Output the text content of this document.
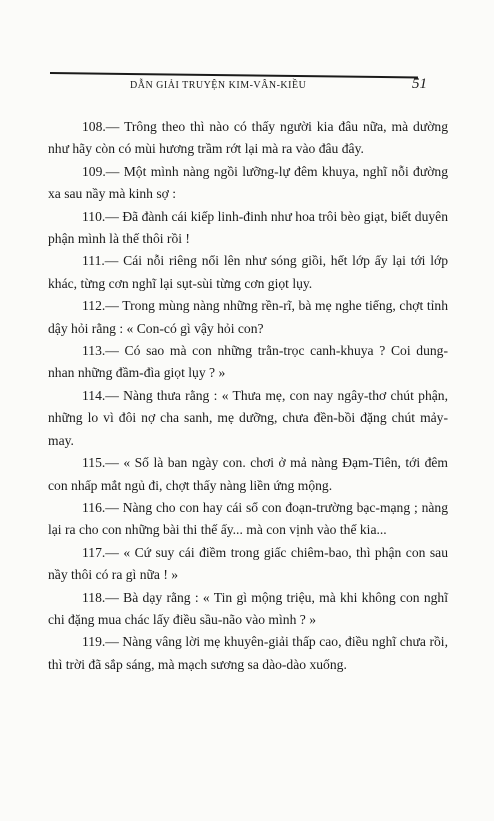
DẪN GIẢI TRUYỆN KIM-VÂN-KIỀU	51

108.— Trông theo thì nào có thấy người kia đâu nữa, mà dường như hãy còn có mùi hương trầm rớt lại mà ra vào đâu đây.

109.— Một mình nàng ngồi lưỡng-lự đêm khuya, nghĩ nỗi đường xa sau nầy mà kinh sợ :

110.— Đã đành cái kiếp linh-đinh như hoa trôi bèo giạt, biết duyên phận mình là thế thôi rồi !

111.— Cái nỗi riêng nổi lên như sóng giồi, hết lớp ấy lại tới lớp khác, từng cơn nghĩ lại sụt-sùi từng cơn giọt lụy.

112.— Trong mùng nàng những rền-rĩ, bà mẹ nghe tiếng, chợt tỉnh dậy hỏi rằng : « Con-có gì vậy hỏi con?

113.— Có sao mà con những trằn-trọc canh-khuya ? Coi dung-nhan những đầm-đìa giọt lụy ? »

114.— Nàng thưa rằng : « Thưa mẹ, con nay ngây-thơ chút phận, những lo vì đôi nợ cha sanh, mẹ dưỡng, chưa đền-bồi đặng chút mảy-may.

115.— « Số là ban ngày con. chơi ở mả nàng Đạm-Tiên, tới đêm con nhấp mắt ngủ đi, chợt thấy nàng liền ứng mộng.

116.— Nàng cho con hay cái sổ con đoạn-trường bạc-mạng ; nàng lại ra cho con những bài thi thế ấy... mà con vịnh vào thế kia...

117.— « Cứ suy cái điềm trong giấc chiêm-bao, thì phận con sau nầy thôi có ra gì nữa ! »

118.— Bà dạy rằng : « Tin gì mộng triệu, mà khi không con nghĩ chi đặng mua chác lấy điều sầu-não vào mình ? »

119.— Nàng vâng lời mẹ khuyên-giải thấp cao, điều nghĩ chưa rồi, thì trời đã sắp sáng, mà mạch sương sa dào-dào xuống.
